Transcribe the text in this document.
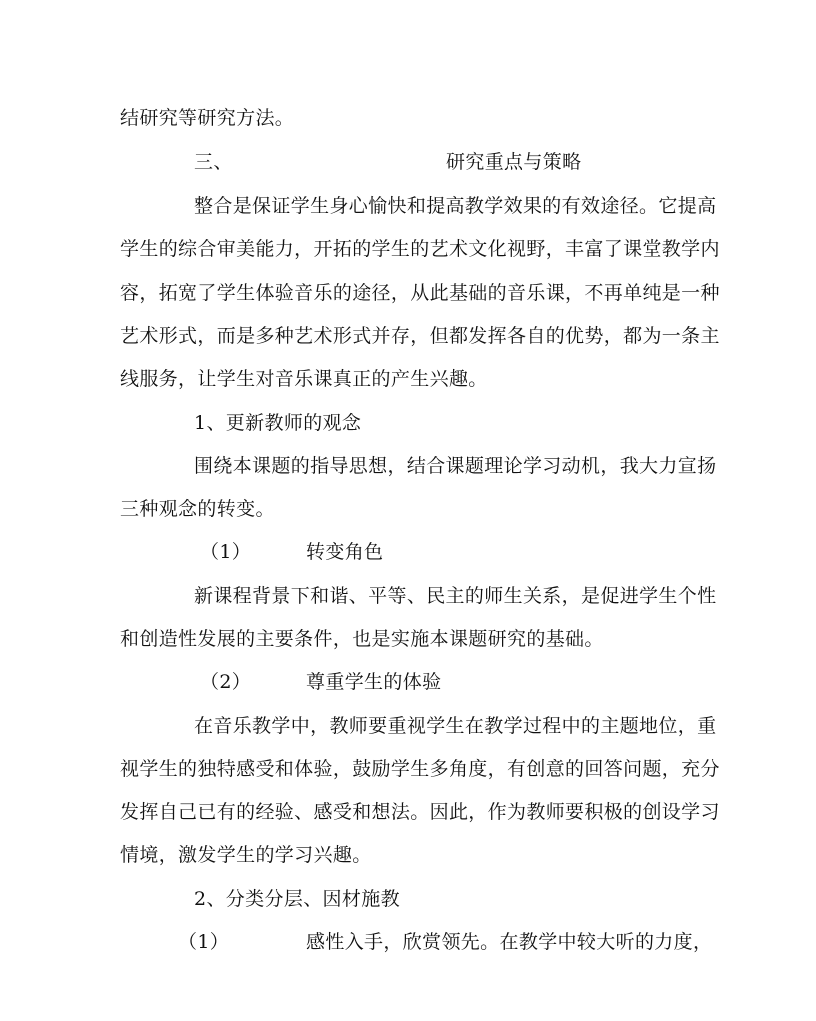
结研究等研究方法。
三、	研究重点与策略
整合是保证学生身心愉快和提高教学效果的有效途径。它提高
学生的综合审美能力，开拓的学生的艺术文化视野，丰富了课堂教学内
容，拓宽了学生体验音乐的途径，从此基础的音乐课，不再单纯是一种
艺术形式，而是多种艺术形式并存，但都发挥各自的优势，都为一条主
线服务，让学生对音乐课真正的产生兴趣。
1、更新教师的观念
围绕本课题的指导思想，结合课题理论学习动机，我大力宣扬
三种观念的转变。
（1）	转变角色
新课程背景下和谐、平等、民主的师生关系，是促进学生个性
和创造性发展的主要条件，也是实施本课题研究的基础。
（2）	尊重学生的体验
在音乐教学中，教师要重视学生在教学过程中的主题地位，重
视学生的独特感受和体验，鼓励学生多角度，有创意的回答问题，充分
发挥自己已有的经验、感受和想法。因此，作为教师要积极的创设学习
情境，激发学生的学习兴趣。
2、分类分层、因材施教
（1）	感性入手，欣赏领先。在教学中较大听的力度，
